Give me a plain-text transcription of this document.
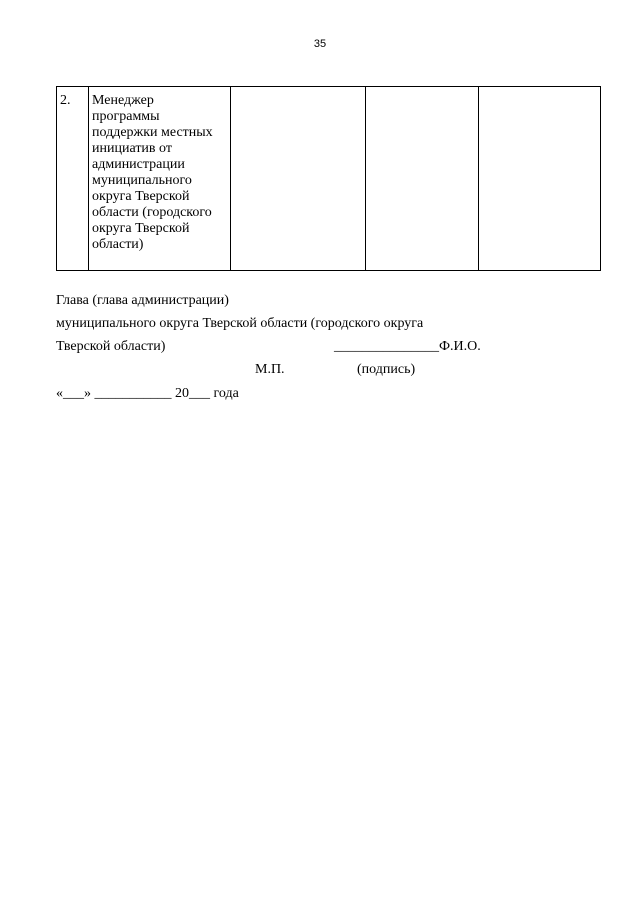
35
2.	Менеджер
программы
поддержки местных
инициатив от
администрации
муниципального
округа Тверской
области (городского
округа Тверской
области)

Глава (глава администрации)
муниципального округа Тверской области (городского округа
Тверской области)	_______________Ф.И.О.
М.П.	(подпись)
«___» ___________ 20___ года
